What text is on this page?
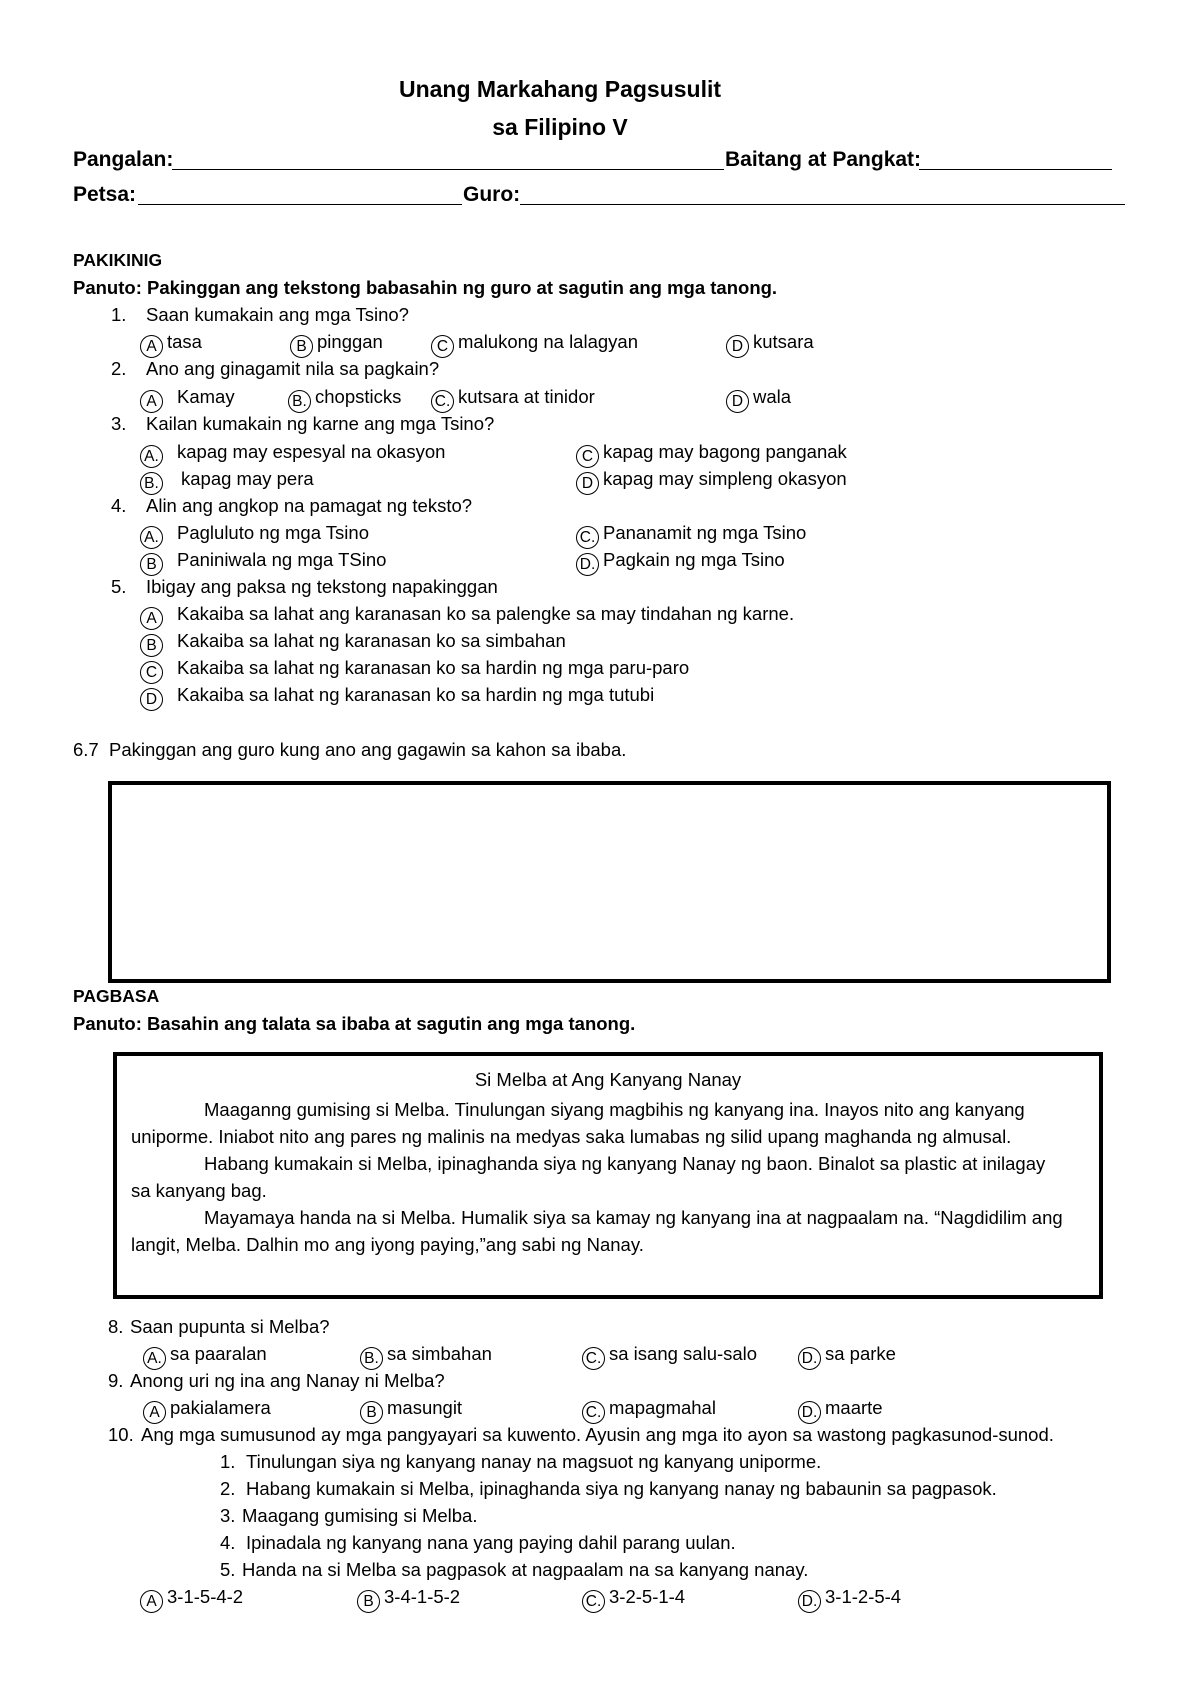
Unang Markahang Pagsusulit
sa Filipino V
Pangalan:	Baitang at Pangkat:
Petsa:	Guro:
PAKIKINIG
Panuto: Pakinggan ang tekstong babasahin ng guro at sagutin ang mga tanong.
1. Saan kumakain ang mga Tsino?
A tasa	B pinggan	C malukong na lalagyan	D kutsara
2. Ano ang ginagamit nila sa pagkain?
A Kamay	B. chopsticks C. kutsara at tinidor	D wala
3. Kailan kumakain ng karne ang mga Tsino?
A. kapag may espesyal na okasyon	C kapag may bagong panganak
B. kapag may pera	D kapag may simpleng okasyon
4. Alin ang angkop na pamagat ng teksto?
A. Pagluluto ng mga Tsino	C. Pananamit ng mga Tsino
B Paniniwala ng mga TSino	D. Pagkain ng mga Tsino
5. Ibigay ang paksa ng tekstong napakinggan
A Kakaiba sa lahat ang karanasan ko sa palengke sa may tindahan ng karne.
B Kakaiba sa lahat ng karanasan ko sa simbahan
C Kakaiba sa lahat ng karanasan ko sa hardin ng mga paru-paro
D Kakaiba sa lahat ng karanasan ko sa hardin ng mga tutubi
6.7 Pakinggan ang guro kung ano ang gagawin sa kahon sa ibaba.
PAGBASA
Panuto: Basahin ang talata sa ibaba at sagutin ang mga tanong.
Si Melba at Ang Kanyang Nanay

Maaganng gumising si Melba. Tinulungan siyang magbihis ng kanyang ina. Inayos nito ang kanyang uniporme. Iniabot nito ang pares ng malinis na medyas saka lumabas ng silid upang maghanda ng almusal.

Habang kumakain si Melba, ipinaghanda siya ng kanyang Nanay ng baon. Binalot sa plastic at inilagay sa kanyang bag.

Mayamaya handa na si Melba. Humalik siya sa kamay ng kanyang ina at nagpaalam na. “Nagdidilim ang langit, Melba. Dalhin mo ang iyong paying,”ang sabi ng Nanay.

8. Saan pupunta si Melba?
A. sa paaralan	B. sa simbahan	C. sa isang salu-salo	D. sa parke
9. Anong uri ng ina ang Nanay ni Melba?
A pakialamera	B masungit	C. mapagmahal	D. maarte
10. Ang mga sumusunod ay mga pangyayari sa kuwento. Ayusin ang mga ito ayon sa wastong pagkasunod-sunod.
1. Tinulungan siya ng kanyang nanay na magsuot ng kanyang uniporme.
2. Habang kumakain si Melba, ipinaghanda siya ng kanyang nanay ng babaunin sa pagpasok.
3. Maagang gumising si Melba.
4. Ipinadala ng kanyang nana yang paying dahil parang uulan.
5. Handa na si Melba sa pagpasok at nagpaalam na sa kanyang nanay.
A 3-1-5-4-2	B 3-4-1-5-2	C. 3-2-5-1-4	D. 3-1-2-5-4
